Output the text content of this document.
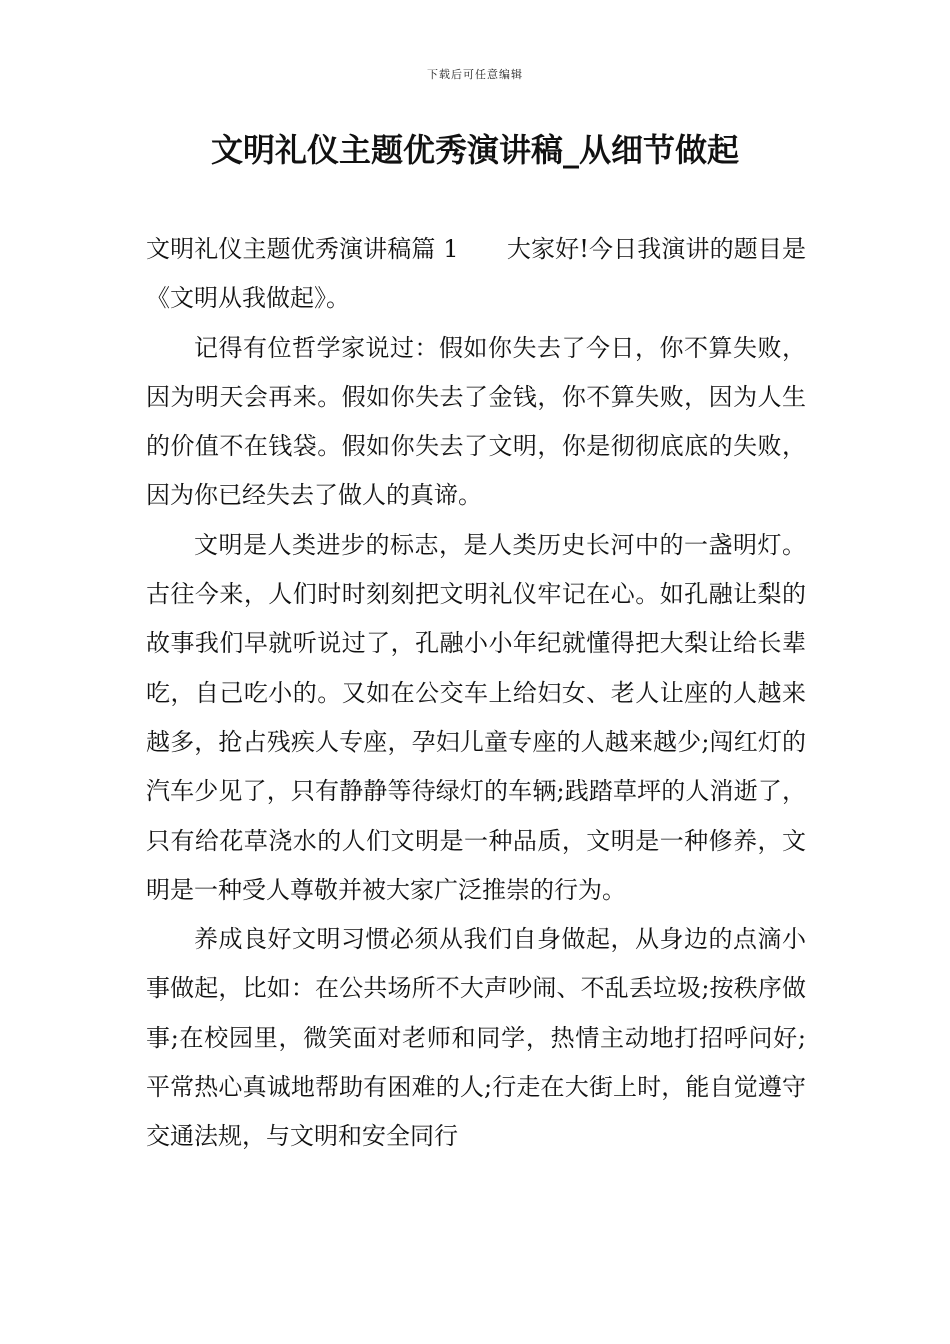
下载后可任意编辑
文明礼仪主题优秀演讲稿_从细节做起

文明礼仪主题优秀演讲稿篇 1　　大家好!今日我演讲的题目是《文明从我做起》。

记得有位哲学家说过：假如你失去了今日，你不算失败，因为明天会再来。假如你失去了金钱，你不算失败，因为人生的价值不在钱袋。假如你失去了文明，你是彻彻底底的失败，因为你已经失去了做人的真谛。

文明是人类进步的标志，是人类历史长河中的一盏明灯。古往今来，人们时时刻刻把文明礼仪牢记在心。如孔融让梨的故事我们早就听说过了，孔融小小年纪就懂得把大梨让给长辈吃，自己吃小的。又如在公交车上给妇女、老人让座的人越来越多，抢占残疾人专座，孕妇儿童专座的人越来越少;闯红灯的汽车少见了，只有静静等待绿灯的车辆;践踏草坪的人消逝了，只有给花草浇水的人们文明是一种品质，文明是一种修养，文明是一种受人尊敬并被大家广泛推崇的行为。

养成良好文明习惯必须从我们自身做起，从身边的点滴小事做起，比如：在公共场所不大声吵闹、不乱丢垃圾;按秩序做事;在校园里，微笑面对老师和同学，热情主动地打招呼问好;平常热心真诚地帮助有困难的人;行走在大街上时，能自觉遵守交通法规，与文明和安全同行
